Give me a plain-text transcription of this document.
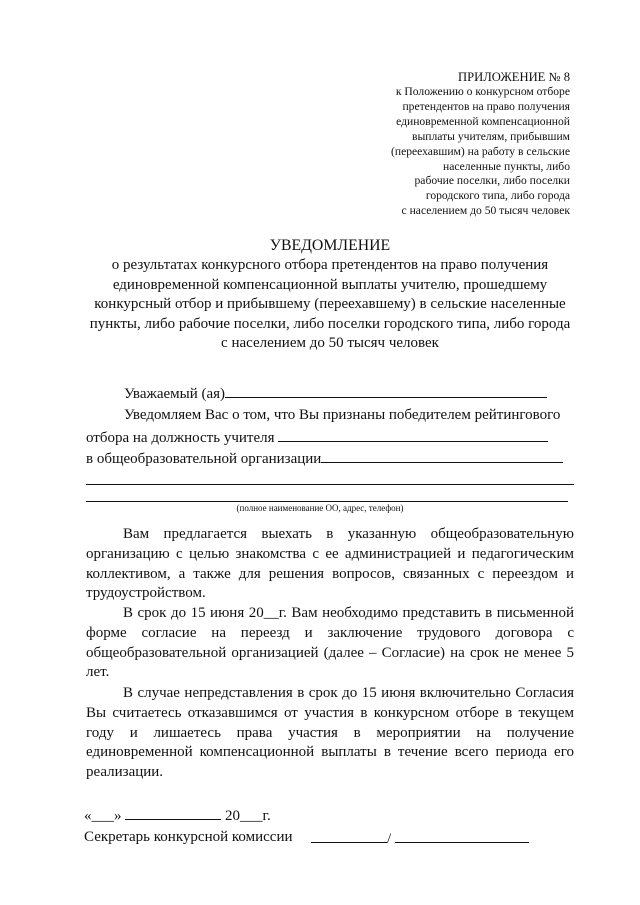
ПРИЛОЖЕНИЕ № 8
к Положению о конкурсном отборе
претендентов на право получения
единовременной компенсационной
выплаты учителям, прибывшим
(переехавшим) на работу в сельские
населенные пункты, либо
рабочие поселки, либо поселки
городского типа, либо города
с населением до 50 тысяч человек
УВЕДОМЛЕНИЕ
о результатах конкурсного отбора претендентов на право получения
единовременной компенсационной выплаты учителю, прошедшему
конкурсный отбор и прибывшему (переехавшему) в сельские населенные
пункты, либо рабочие поселки, либо поселки городского типа, либо города
с населением до 50 тысяч человек
Уважаемый (ая)
Уведомляем Вас о том, что Вы признаны победителем рейтингового
отбора на должность учителя
в общеобразовательной организации
(полное наименование ОО, адрес, телефон)
Вам предлагается выехать в указанную общеобразовательную организацию с целью знакомства с ее администрацией и педагогическим коллективом, а также для решения вопросов, связанных с переездом и трудоустройством.
В срок до 15 июня 20__г. Вам необходимо представить в письменной форме согласие на переезд и заключение трудового договора с общеобразовательной организацией (далее – Согласие) на срок не менее 5 лет.
В случае непредставления в срок до 15 июня включительно Согласия Вы считаетесь отказавшимся от участия в конкурсном отборе в текущем году и лишаетесь права участия в мероприятии на получение единовременной компенсационной выплаты в течение всего периода его реализации.
«___»	20___г.
Секретарь конкурсной комиссии	/
